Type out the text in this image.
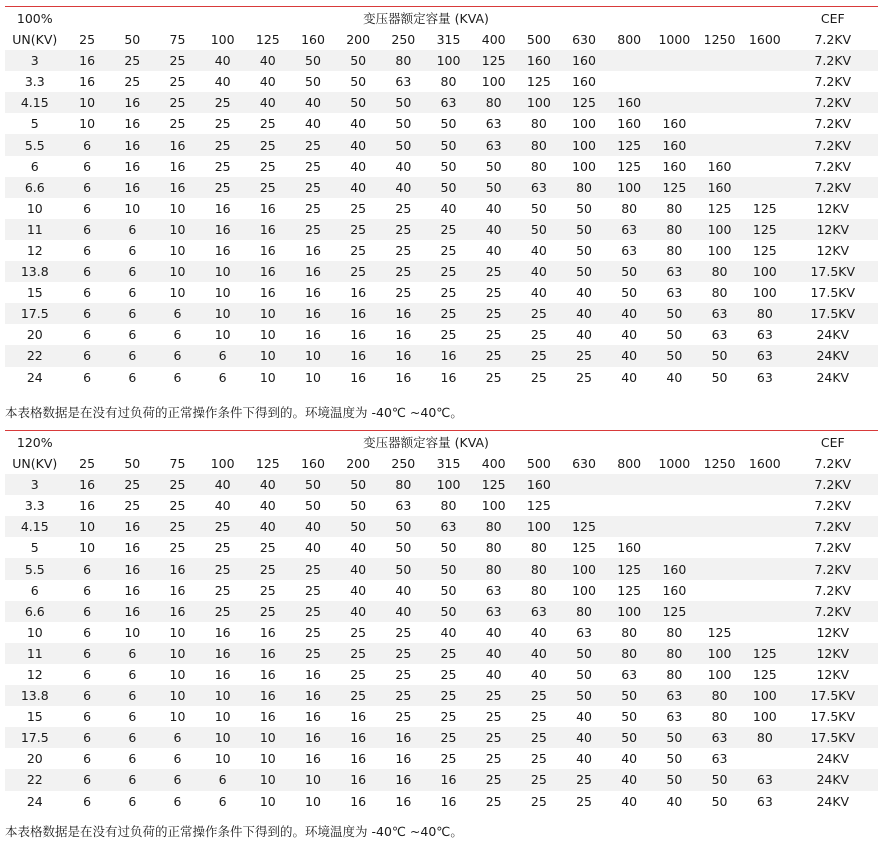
100%	变压器额定容量 (KVA)																CEF
UN(KV)	25	50	75	100	125	160	200	250	315	400	500	630	800	1000	1250	1600	7.2KV
3	16	25	25	40	40	50	50	80	100	125	160	160					7.2KV
3.3	16	25	25	40	40	50	50	63	80	100	125	160					7.2KV
4.15	10	16	25	25	40	40	50	50	63	80	100	125	160				7.2KV
5	10	16	25	25	25	40	40	50	50	63	80	100	160	160			7.2KV
5.5	6	16	16	25	25	25	40	50	50	63	80	100	125	160			7.2KV
6	6	16	16	25	25	25	40	40	50	50	80	100	125	160	160		7.2KV
6.6	6	16	16	25	25	25	40	40	50	50	63	80	100	125	160		7.2KV
10	6	10	10	16	16	25	25	25	40	40	50	50	80	80	125	125	12KV
11	6	6	10	16	16	25	25	25	25	40	50	50	63	80	100	125	12KV
12	6	6	10	16	16	16	25	25	25	40	40	50	63	80	100	125	12KV
13.8	6	6	10	10	16	16	25	25	25	25	40	50	50	63	80	100	17.5KV
15	6	6	10	10	16	16	16	25	25	25	40	40	50	63	80	100	17.5KV
17.5	6	6	6	10	10	16	16	16	25	25	25	40	40	50	63	80	17.5KV
20	6	6	6	10	10	16	16	16	25	25	25	40	40	50	63	63	24KV
22	6	6	6	6	10	10	16	16	16	25	25	25	40	50	50	63	24KV
24	6	6	6	6	10	10	16	16	16	25	25	25	40	40	50	63	24KV
本表格数据是在没有过负荷的正常操作条件下得到的。环境温度为 -40℃ ~40℃。
120%	变压器额定容量 (KVA)																CEF
UN(KV)	25	50	75	100	125	160	200	250	315	400	500	630	800	1000	1250	1600	7.2KV
3	16	25	25	40	40	50	50	80	100	125	160						7.2KV
3.3	16	25	25	40	40	50	50	63	80	100	125						7.2KV
4.15	10	16	25	25	40	40	50	50	63	80	100	125					7.2KV
5	10	16	25	25	25	40	40	50	50	80	80	125	160				7.2KV
5.5	6	16	16	25	25	25	40	50	50	80	80	100	125	160			7.2KV
6	6	16	16	25	25	25	40	40	50	63	80	100	125	160			7.2KV
6.6	6	16	16	25	25	25	40	40	50	63	63	80	100	125			7.2KV
10	6	10	10	16	16	25	25	25	40	40	40	63	80	80	125		12KV
11	6	6	10	16	16	25	25	25	25	40	40	50	80	80	100	125	12KV
12	6	6	10	16	16	16	25	25	25	40	40	50	63	80	100	125	12KV
13.8	6	6	10	10	16	16	25	25	25	25	25	50	50	63	80	100	17.5KV
15	6	6	10	10	16	16	16	25	25	25	25	40	50	63	80	100	17.5KV
17.5	6	6	6	10	10	16	16	16	25	25	25	40	50	50	63	80	17.5KV
20	6	6	6	10	10	16	16	16	25	25	25	40	40	50	63		24KV
22	6	6	6	6	10	10	16	16	16	25	25	25	40	50	50	63	24KV
24	6	6	6	6	10	10	16	16	16	25	25	25	40	40	50	63	24KV
本表格数据是在没有过负荷的正常操作条件下得到的。环境温度为 -40℃ ~40℃。
